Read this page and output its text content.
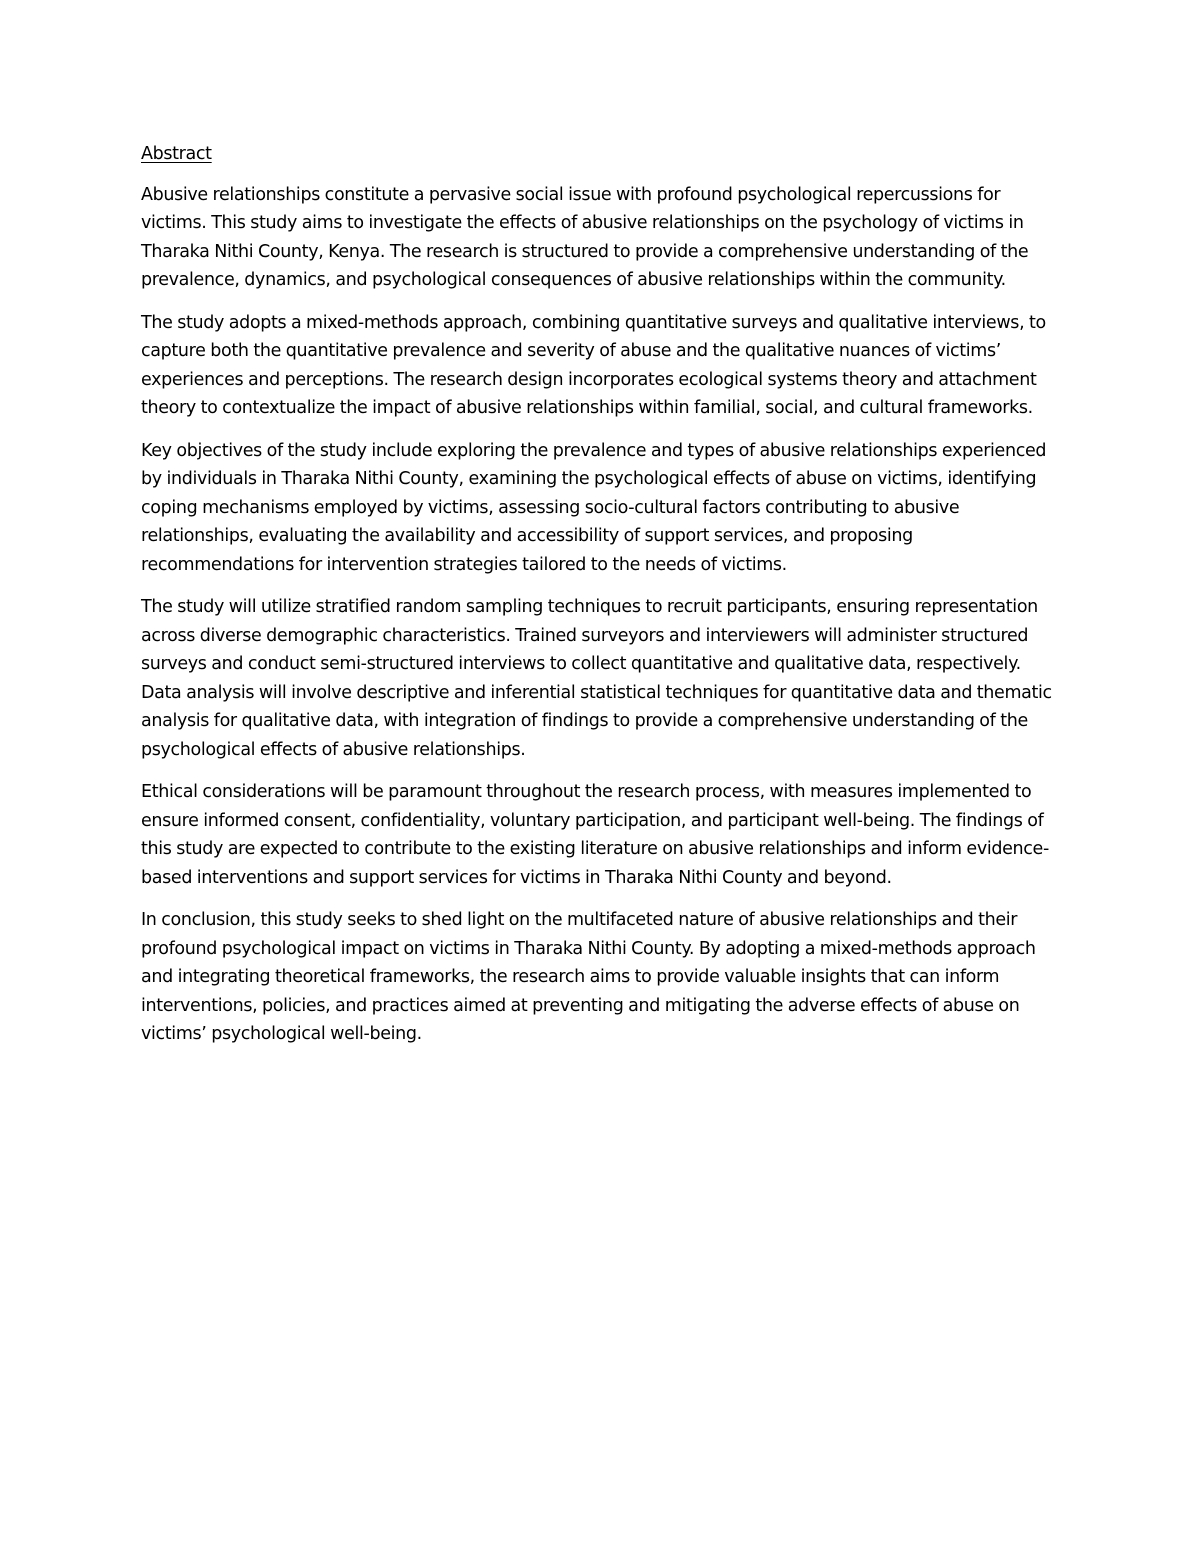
Abstract

Abusive relationships constitute a pervasive social issue with profound psychological repercussions for victims. This study aims to investigate the effects of abusive relationships on the psychology of victims in Tharaka Nithi County, Kenya. The research is structured to provide a comprehensive understanding of the prevalence, dynamics, and psychological consequences of abusive relationships within the community.

The study adopts a mixed-methods approach, combining quantitative surveys and qualitative interviews, to capture both the quantitative prevalence and severity of abuse and the qualitative nuances of victims’ experiences and perceptions. The research design incorporates ecological systems theory and attachment theory to contextualize the impact of abusive relationships within familial, social, and cultural frameworks.

Key objectives of the study include exploring the prevalence and types of abusive relationships experienced by individuals in Tharaka Nithi County, examining the psychological effects of abuse on victims, identifying coping mechanisms employed by victims, assessing socio-cultural factors contributing to abusive relationships, evaluating the availability and accessibility of support services, and proposing recommendations for intervention strategies tailored to the needs of victims.

The study will utilize stratified random sampling techniques to recruit participants, ensuring representation across diverse demographic characteristics. Trained surveyors and interviewers will administer structured surveys and conduct semi-structured interviews to collect quantitative and qualitative data, respectively. Data analysis will involve descriptive and inferential statistical techniques for quantitative data and thematic analysis for qualitative data, with integration of findings to provide a comprehensive understanding of the psychological effects of abusive relationships.

Ethical considerations will be paramount throughout the research process, with measures implemented to ensure informed consent, confidentiality, voluntary participation, and participant well-being. The findings of this study are expected to contribute to the existing literature on abusive relationships and inform evidence-based interventions and support services for victims in Tharaka Nithi County and beyond.

In conclusion, this study seeks to shed light on the multifaceted nature of abusive relationships and their profound psychological impact on victims in Tharaka Nithi County. By adopting a mixed-methods approach and integrating theoretical frameworks, the research aims to provide valuable insights that can inform interventions, policies, and practices aimed at preventing and mitigating the adverse effects of abuse on victims’ psychological well-being.
